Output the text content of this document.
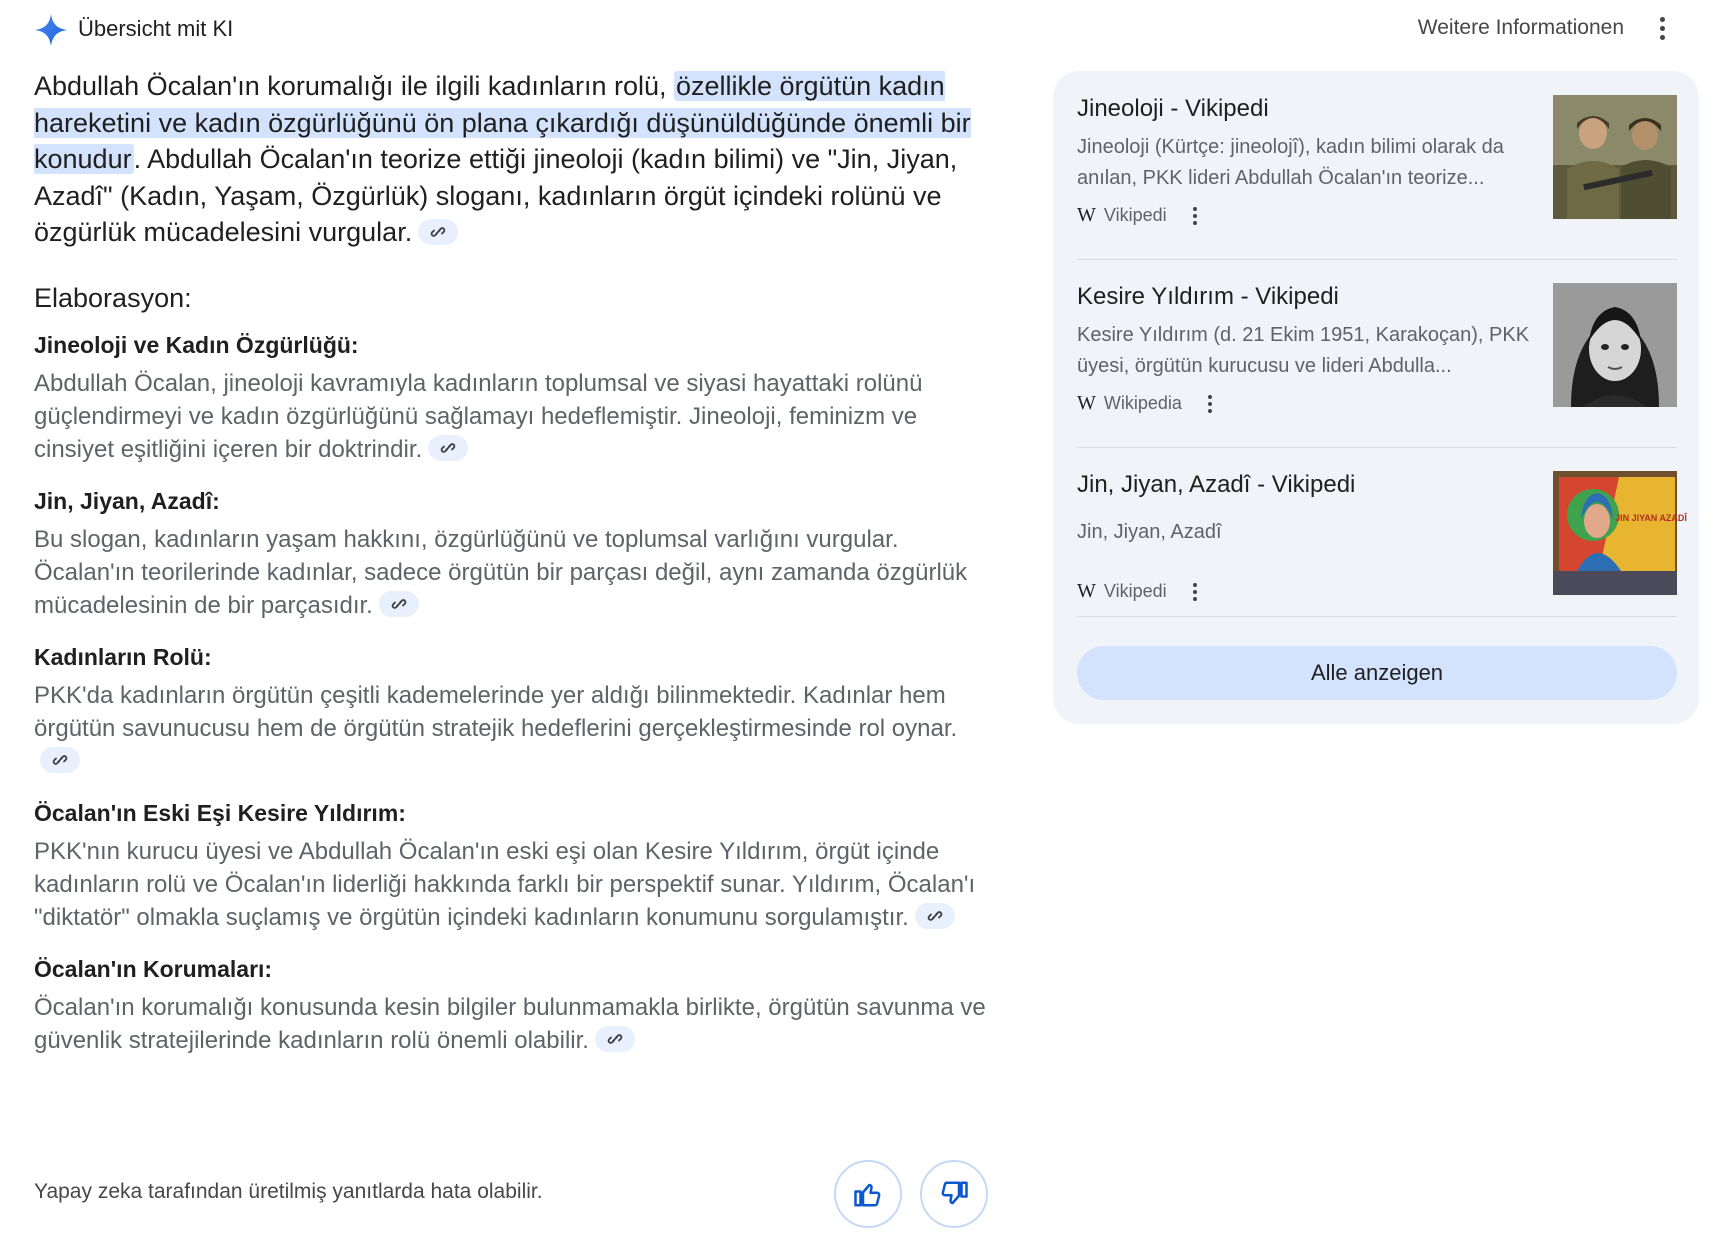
Übersicht mit KI	Weitere Informationen

Abdullah Öcalan'ın korumalığı ile ilgili kadınların rolü, özellikle örgütün kadın hareketini ve kadın özgürlüğünü ön plana çıkardığı düşünüldüğünde önemli bir konudur. Abdullah Öcalan'ın teorize ettiği jineoloji (kadın bilimi) ve "Jin, Jiyan, Azadî" (Kadın, Yaşam, Özgürlük) sloganı, kadınların örgüt içindeki rolünü ve özgürlük mücadelesini vurgular.

Elaborasyon:
Jineoloji ve Kadın Özgürlüğü:
Abdullah Öcalan, jineoloji kavramıyla kadınların toplumsal ve siyasi hayattaki rolünü güçlendirmeyi ve kadın özgürlüğünü sağlamayı hedeflemiştir. Jineoloji, feminizm ve cinsiyet eşitliğini içeren bir doktrindir.
Jin, Jiyan, Azadî:
Bu slogan, kadınların yaşam hakkını, özgürlüğünü ve toplumsal varlığını vurgular. Öcalan'ın teorilerinde kadınlar, sadece örgütün bir parçası değil, aynı zamanda özgürlük mücadelesinin de bir parçasıdır.
Kadınların Rolü:
PKK'da kadınların örgütün çeşitli kademelerinde yer aldığı bilinmektedir. Kadınlar hem örgütün savunucusu hem de örgütün stratejik hedeflerini gerçekleştirmesinde rol oynar.
Öcalan'ın Eski Eşi Kesire Yıldırım:
PKK'nın kurucu üyesi ve Abdullah Öcalan'ın eski eşi olan Kesire Yıldırım, örgüt içinde kadınların rolü ve Öcalan'ın liderliği hakkında farklı bir perspektif sunar. Yıldırım, Öcalan'ı "diktatör" olmakla suçlamış ve örgütün içindeki kadınların konumunu sorgulamıştır.
Öcalan'ın Korumaları:
Öcalan'ın korumalığı konusunda kesin bilgiler bulunmamakla birlikte, örgütün savunma ve güvenlik stratejilerinde kadınların rolü önemli olabilir.
Yapay zeka tarafından üretilmiş yanıtlarda hata olabilir.
Jineoloji - Vikipedi
Jineoloji (Kürtçe: jineolojî), kadın bilimi olarak da anılan, PKK lideri Abdullah Öcalan'ın teorize...
W Vikipedi
Kesire Yıldırım - Vikipedi
Kesire Yıldırım (d. 21 Ekim 1951, Karakoçan), PKK üyesi, örgütün kurucusu ve lideri Abdulla...
W Wikipedia
Jin, Jiyan, Azadî - Vikipedi
Jin, Jiyan, Azadî
W Vikipedi
JIN JIYAN AZADÎ
Alle anzeigen
